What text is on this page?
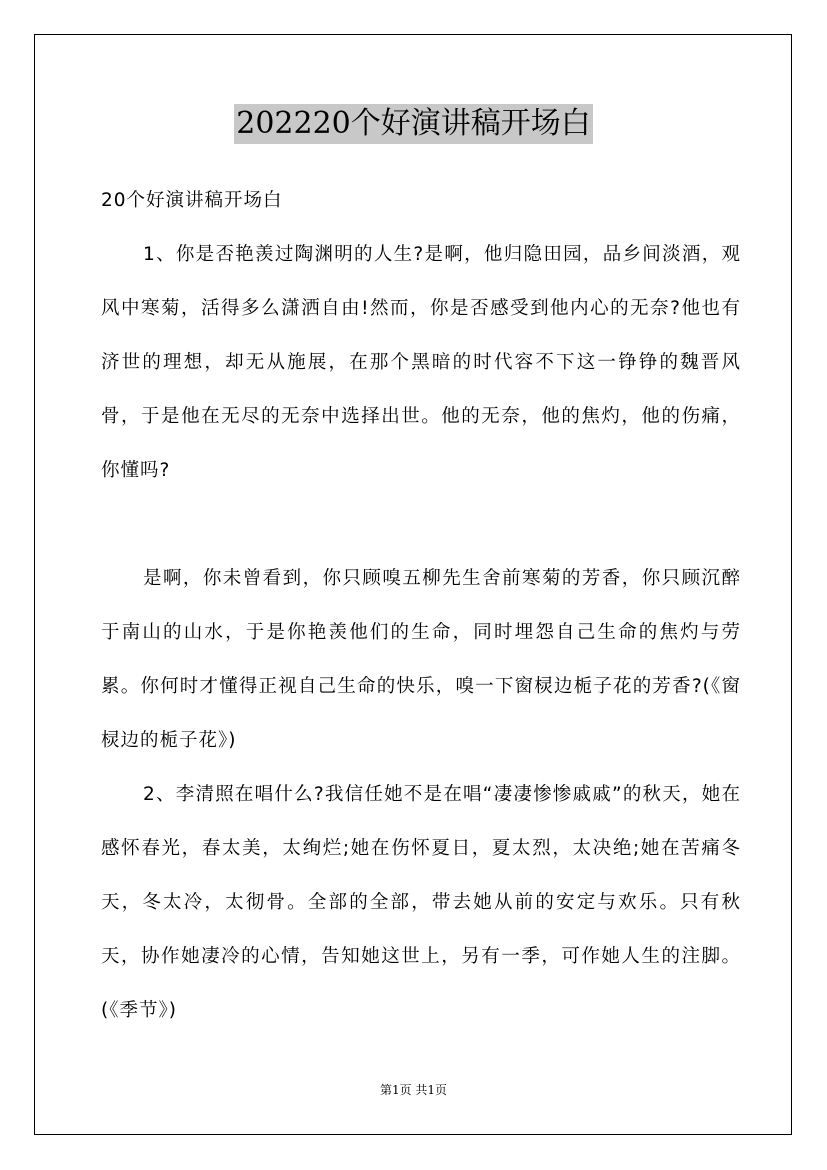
202220个好演讲稿开场白

20个好演讲稿开场白

1、你是否艳羡过陶渊明的人生?是啊，他归隐田园，品乡间淡酒，观风中寒菊，活得多么潇洒自由!然而，你是否感受到他内心的无奈?他也有济世的理想，却无从施展，在那个黑暗的时代容不下这一铮铮的魏晋风骨，于是他在无尽的无奈中选择出世。他的无奈，他的焦灼，他的伤痛，你懂吗?

是啊，你未曾看到，你只顾嗅五柳先生舍前寒菊的芳香，你只顾沉醉于南山的山水，于是你艳羡他们的生命，同时埋怨自己生命的焦灼与劳累。你何时才懂得正视自己生命的快乐，嗅一下窗棂边栀子花的芳香?(《窗棂边的栀子花》)

2、李清照在唱什么?我信任她不是在唱“凄凄惨惨戚戚”的秋天，她在感怀春光，春太美，太绚烂;她在伤怀夏日，夏太烈，太决绝;她在苦痛冬天，冬太冷，太彻骨。全部的全部，带去她从前的安定与欢乐。只有秋天，协作她凄冷的心情，告知她这世上，另有一季，可作她人生的注脚。(《季节》)

第1页 共1页
